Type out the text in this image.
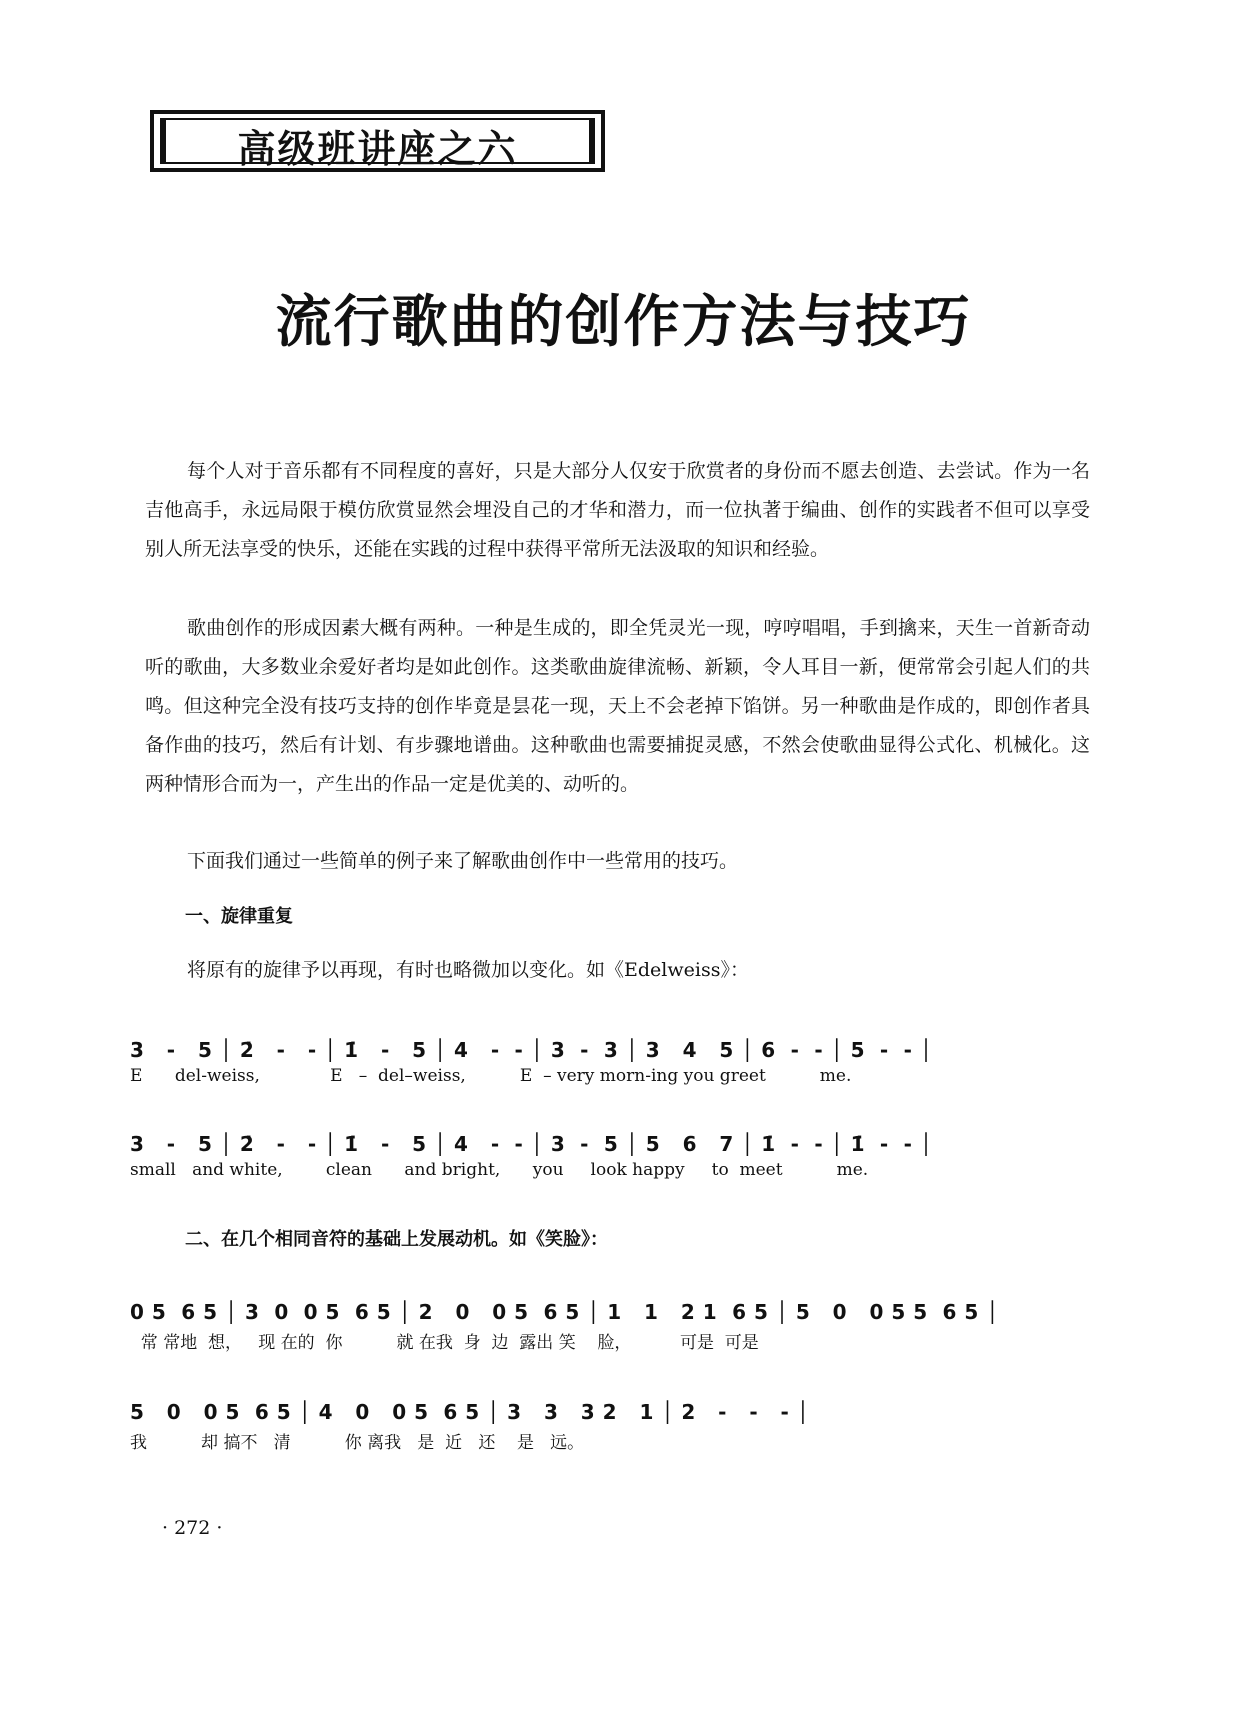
高级班讲座之六
流行歌曲的创作方法与技巧
每个人对于音乐都有不同程度的喜好，只是大部分人仅安于欣赏者的身份而不愿去创造、去尝试。作为一名吉他高手，永远局限于模仿欣赏显然会埋没自己的才华和潜力，而一位执著于编曲、创作的实践者不但可以享受别人所无法享受的快乐，还能在实践的过程中获得平常所无法汲取的知识和经验。
歌曲创作的形成因素大概有两种。一种是生成的，即全凭灵光一现，哼哼唱唱，手到擒来，天生一首新奇动听的歌曲，大多数业余爱好者均是如此创作。这类歌曲旋律流畅、新颖，令人耳目一新，便常常会引起人们的共鸣。但这种完全没有技巧支持的创作毕竟是昙花一现，天上不会老掉下馅饼。另一种歌曲是作成的，即创作者具备作曲的技巧，然后有计划、有步骤地谱曲。这种歌曲也需要捕捉灵感，不然会使歌曲显得公式化、机械化。这两种情形合而为一，产生出的作品一定是优美的、动听的。
下面我们通过一些简单的例子来了解歌曲创作中一些常用的技巧。
一、旋律重复
将原有的旋律予以再现，有时也略微加以变化。如《Edelweiss》：
3   -   5 │ 2̇   -   - │ 1̇   -   5 │ 4   -  - │ 3  -  3 │ 3   4   5 │ 6  -  - │ 5  -  - │
E      del-weiss,             E   –  del–weiss,          E  – very morn-ing you greet          me.
3   -   5 │ 2̇   -   - │ 1̇   -   5 │ 4   -  - │ 3  -  5 │ 5   6   7 │ 1̇  -  - │ 1̇  -  - │
small   and white,        clean      and bright,      you     look happy     to  meet          me.
二、在几个相同音符的基础上发展动机。如《笑脸》：
0 5  6 5 │ 3  0  0 5  6 5 │ 2   0   0 5  6 5 │ 1   1   2 1  6 5 │ 5   0   0 5 5  6 5 │
常 常地  想，   现 在的  你          就 在我  身  边  露出 笑    脸，         可是  可是
5   0   0 5  6 5 │ 4   0   0 5  6 5 │ 3   3   3 2   1 │ 2   -   -   - │
我          却 搞不   清          你 离我   是  近   还    是   远。
· 272 ·
